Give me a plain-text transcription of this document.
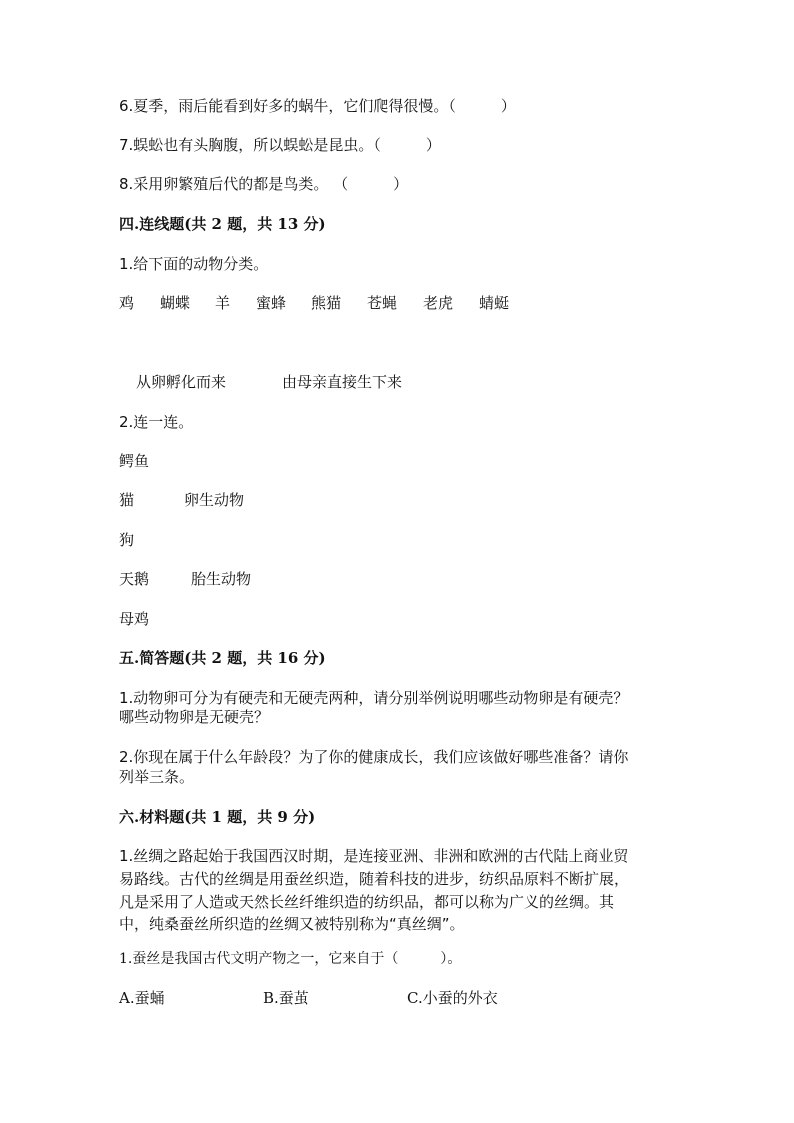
6.夏季，雨后能看到好多的蜗牛，它们爬得很慢。（　　　）
7.蜈蚣也有头胸腹，所以蜈蚣是昆虫。（　　　）
8.采用卵繁殖后代的都是鸟类。 （　　　）
四.连线题(共 2 题，共 13 分)
1.给下面的动物分类。
鸡 蝴蝶 羊 蜜蜂 熊猫 苍蝇 老虎 蜻蜓
从卵孵化而来	由母亲直接生下来
2.连一连。
鳄鱼
猫	卵生动物
狗
天鹅	胎生动物
母鸡
五.简答题(共 2 题，共 16 分)
1.动物卵可分为有硬壳和无硬壳两种，请分别举例说明哪些动物卵是有硬壳？
哪些动物卵是无硬壳？
2.你现在属于什么年龄段？为了你的健康成长，我们应该做好哪些准备？请你
列举三条。
六.材料题(共 1 题，共 9 分)
1.丝绸之路起始于我国西汉时期，是连接亚洲、非洲和欧洲的古代陆上商业贸
易路线。古代的丝绸是用蚕丝织造，随着科技的进步，纺织品原料不断扩展，
凡是采用了人造或天然长丝纤维织造的纺织品，都可以称为广义的丝绸。其
中，纯桑蚕丝所织造的丝绸又被特别称为“真丝绸”。
1.蚕丝是我国古代文明产物之一，它来自于（　　　）。
A.蚕蛹	B.蚕茧	C.小蚕的外衣
